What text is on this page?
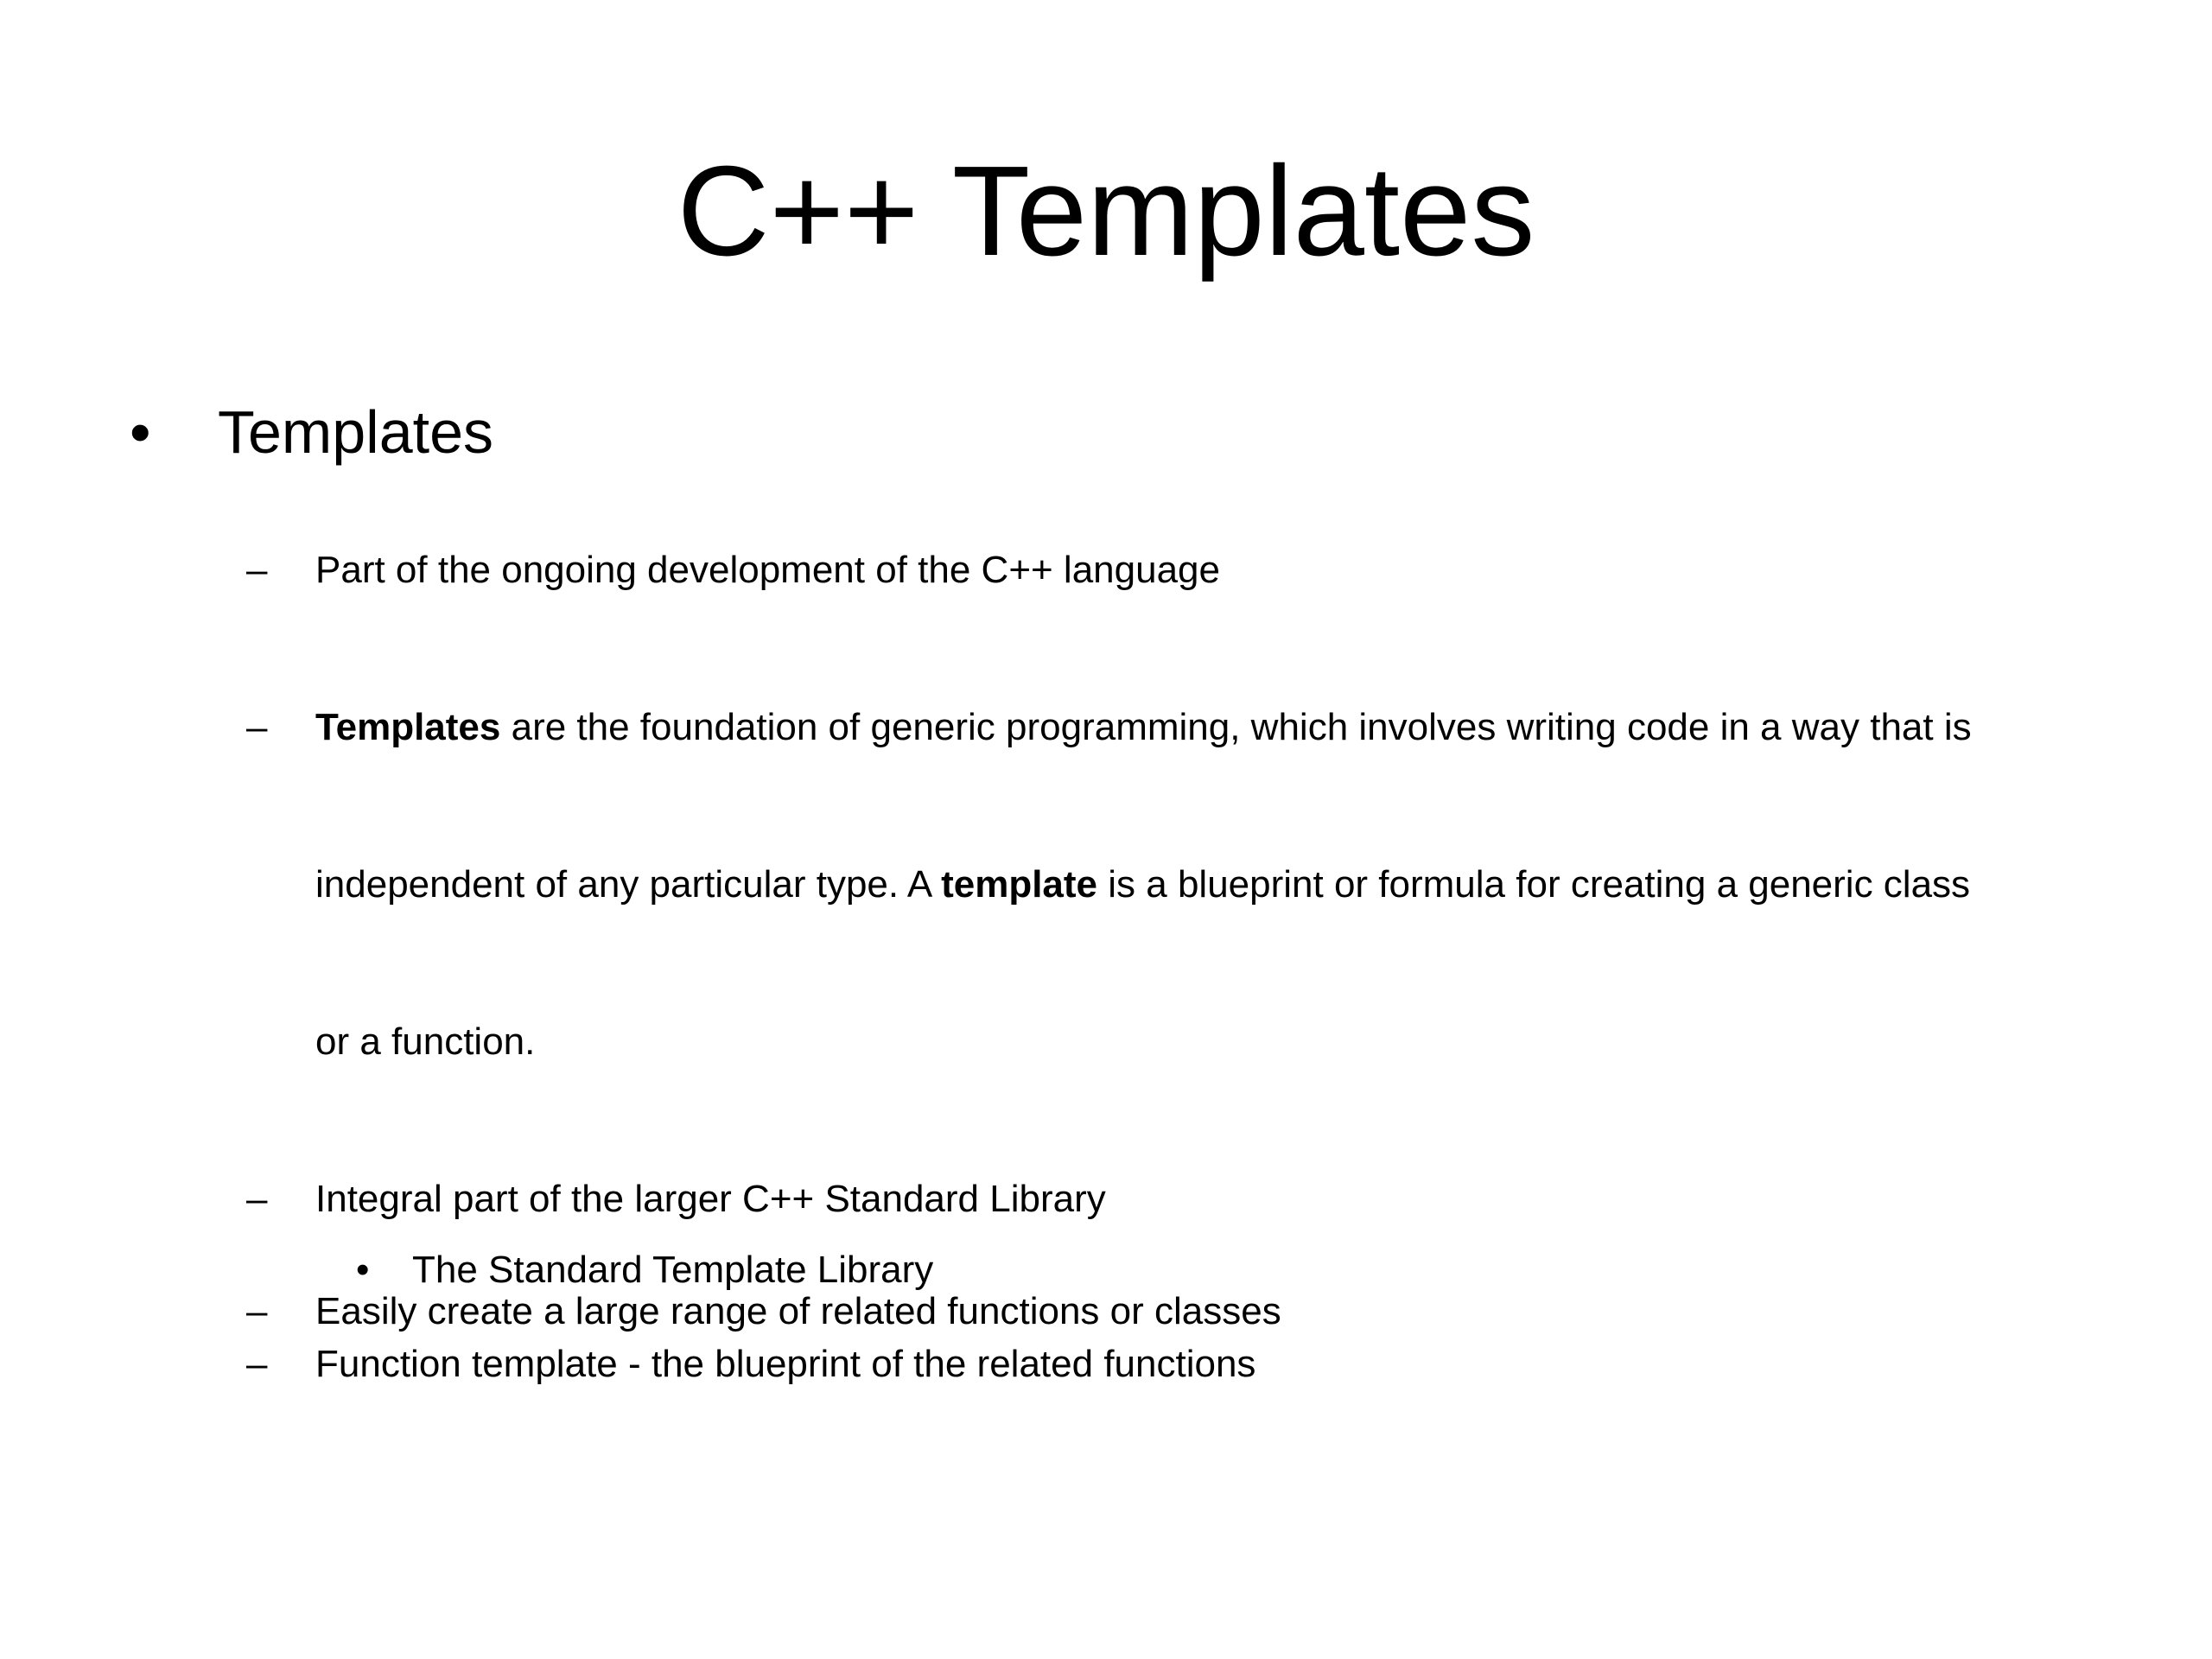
C++ Templates
• Templates
– Part of the ongoing development of the C++ language
– Templates are the foundation of generic programming, which involves writing code in a way that is
independent of any particular type. A template is a blueprint or formula for creating a generic class
or a function.
– Integral part of the larger C++ Standard Library
• The Standard Template Library
– Easily create a large range of related functions or classes
– Function template - the blueprint of the related functions
